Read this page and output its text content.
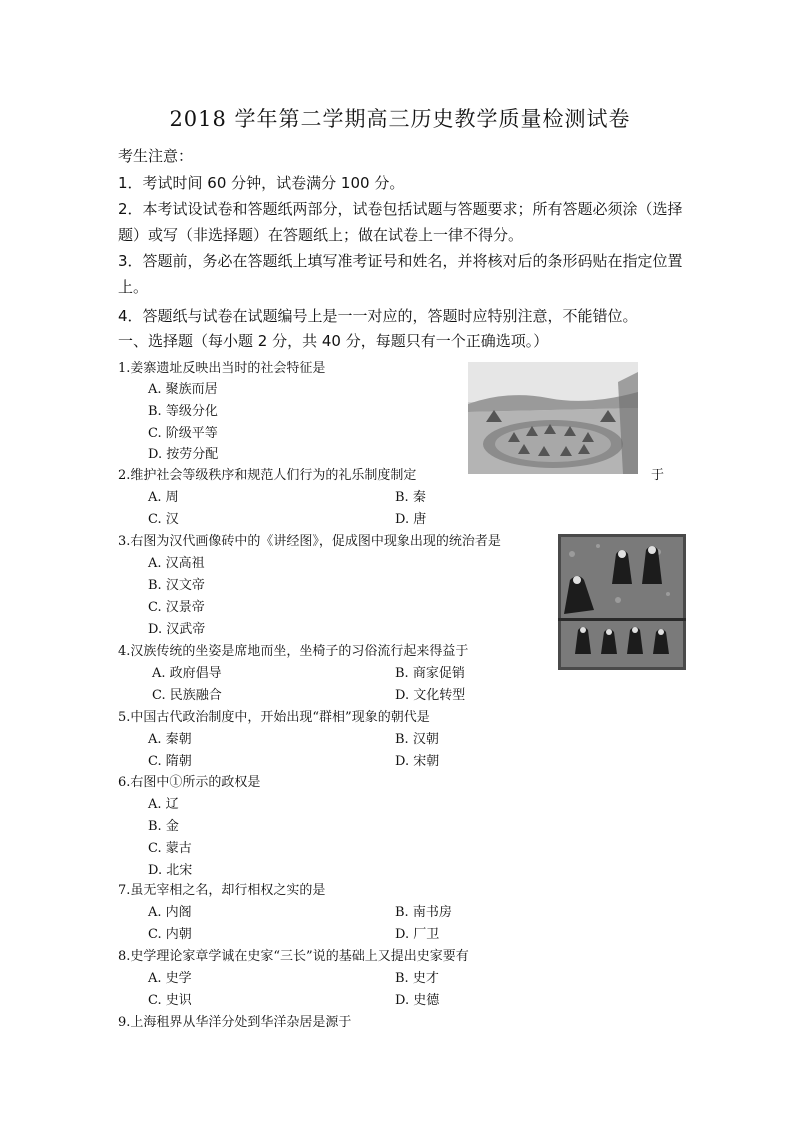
2018 学年第二学期高三历史教学质量检测试卷
考生注意：
1．考试时间 60 分钟，试卷满分 100 分。
2．本考试设试卷和答题纸两部分，试卷包括试题与答题要求；所有答题必须涂（选择题）或写（非选择题）在答题纸上；做在试卷上一律不得分。
3．答题前，务必在答题纸上填写准考证号和姓名，并将核对后的条形码贴在指定位置上。
4．答题纸与试卷在试题编号上是一一对应的，答题时应特别注意，不能错位。
一、选择题（每小题 2 分，共 40 分，每题只有一个正确选项。）
1.姜寨遗址反映出当时的社会特征是
A. 聚族而居
B. 等级分化
C. 阶级平等
D. 按劳分配
2.维护社会等级秩序和规范人们行为的礼乐制度制定	于
A. 周	B. 秦
C. 汉	D. 唐
3.右图为汉代画像砖中的《讲经图》，促成图中现象出现的统治者是
A. 汉高祖
B. 汉文帝
C. 汉景帝
D. 汉武帝
4.汉族传统的坐姿是席地而坐，坐椅子的习俗流行起来得益于
A. 政府倡导	B. 商家促销
C. 民族融合	D. 文化转型
5.中国古代政治制度中，开始出现“群相”现象的朝代是
A. 秦朝	B. 汉朝
C. 隋朝	D. 宋朝
6.右图中①所示的政权是
A. 辽
B. 金
C. 蒙古
D. 北宋
7.虽无宰相之名，却行相权之实的是
A. 内阁	B. 南书房
C. 内朝	D. 厂卫
8.史学理论家章学诚在史家“三长”说的基础上又提出史家要有
A. 史学	B. 史才
C. 史识	D. 史德
9.上海租界从华洋分处到华洋杂居是源于
